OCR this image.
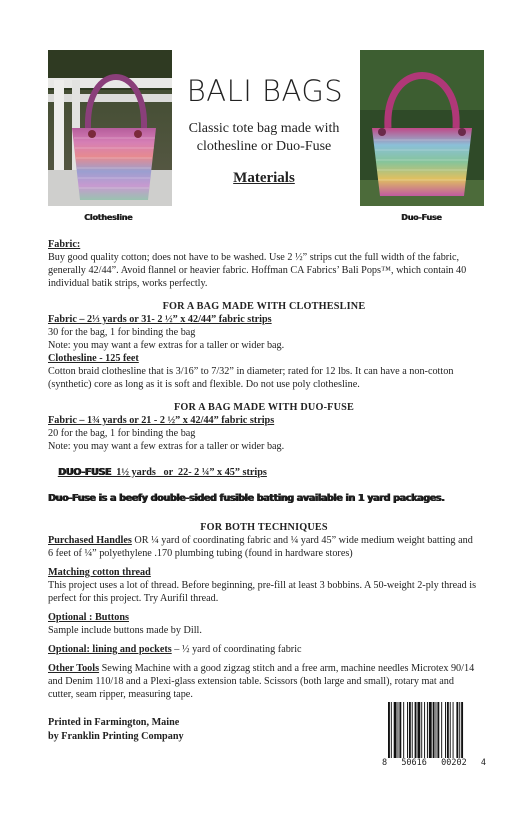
Clothesline	Duo-Fuse
BALI BAGS
Classic tote bag made with clothesline or Duo-Fuse
Materials

Fabric:

Buy good quality cotton; does not have to be washed. Use 2 ½” strips cut the full width of the fabric, generally 42/44”. Avoid flannel or heavier fabric. Hoffman CA Fabrics’ Bali Pops™, which contain 40 individual batik strips, works perfectly.

FOR A BAG MADE WITH CLOTHESLINE

Fabric – 2⅓ yards or 31- 2 ½” x 42/44” fabric strips

30 for the bag, 1 for binding the bag

Note: you may want a few extras for a taller or wider bag.

Clothesline - 125 feet

Cotton braid clothesline that is 3/16” to 7/32” in diameter; rated for 12 lbs. It can have a non-cotton (synthetic) core as long as it is soft and flexible. Do not use poly clothesline.

FOR A BAG MADE WITH DUO-FUSE

Fabric – 1¾ yards or 21 - 2 ½” x 42/44” fabric strips

20 for the bag, 1 for binding the bag

Note: you may want a few extras for a taller or wider bag.

DUO-FUSE  1½ yards   or  22- 2 ¼” x 45” strips

Duo-Fuse is a beefy double-sided fusible batting available in 1 yard packages.

FOR BOTH TECHNIQUES

Purchased Handles OR ¼ yard of coordinating fabric and ¼ yard 45” wide medium weight batting and 6 feet of ¼” polyethylene .170 plumbing tubing (found in hardware stores)

Matching cotton thread

This project uses a lot of thread. Before beginning, pre-fill at least 3 bobbins. A 50-weight 2-ply thread is perfect for this project. Try Aurifil thread.

Optional : Buttons

Sample include buttons made by Dill.

Optional: lining and pockets – ½ yard of coordinating fabric

Other Tools Sewing Machine with a good zigzag stitch and a free arm, machine needles Microtex 90/14 and Denim 110/18 and a Plexi-glass extension table. Scissors (both large and small), rotary mat and cutter, seam ripper, measuring tape.

Printed in Farmington, Maine
by Franklin Printing Company
8 50616 00202 4
